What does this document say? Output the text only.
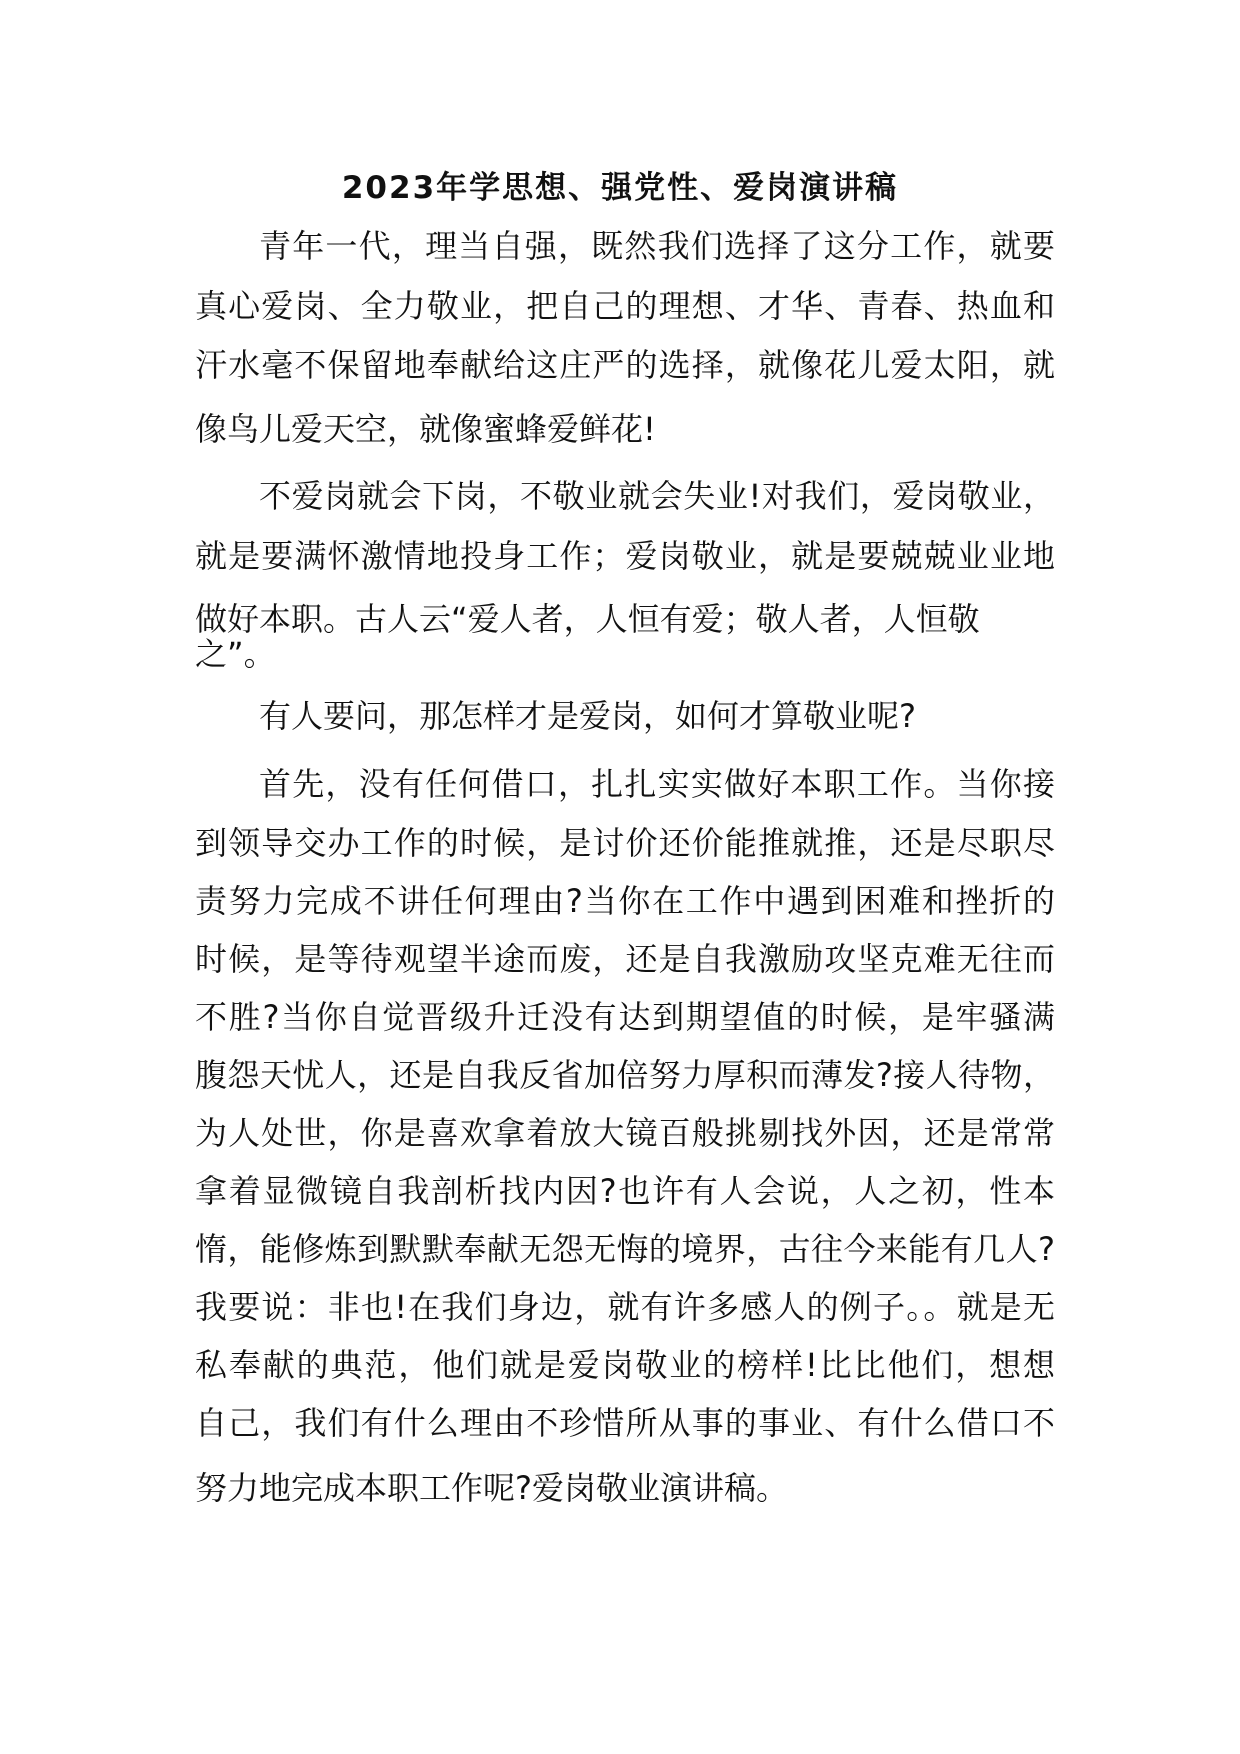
2023年学思想、强党性、爱岗演讲稿

青年一代，理当自强，既然我们选择了这分工作，就要

真心爱岗、全力敬业，把自己的理想、才华、青春、热血和

汗水毫不保留地奉献给这庄严的选择，就像花儿爱太阳，就

像鸟儿爱天空，就像蜜蜂爱鲜花!

不爱岗就会下岗，不敬业就会失业!对我们，爱岗敬业，

就是要满怀激情地投身工作；爱岗敬业，就是要兢兢业业地

做好本职。古人云“爱人者，人恒有爱；敬人者，人恒敬

之”。

有人要问，那怎样才是爱岗，如何才算敬业呢?

首先，没有任何借口，扎扎实实做好本职工作。当你接

到领导交办工作的时候，是讨价还价能推就推，还是尽职尽

责努力完成不讲任何理由?当你在工作中遇到困难和挫折的

时候，是等待观望半途而废，还是自我激励攻坚克难无往而

不胜?当你自觉晋级升迁没有达到期望值的时候，是牢骚满

腹怨天忧人，还是自我反省加倍努力厚积而薄发?接人待物，

为人处世，你是喜欢拿着放大镜百般挑剔找外因，还是常常

拿着显微镜自我剖析找内因?也许有人会说，人之初，性本

惰，能修炼到默默奉献无怨无悔的境界，古往今来能有几人?

我要说：非也!在我们身边，就有许多感人的例子。。就是无

私奉献的典范，他们就是爱岗敬业的榜样!比比他们，想想

自己，我们有什么理由不珍惜所从事的事业、有什么借口不

努力地完成本职工作呢?爱岗敬业演讲稿。
